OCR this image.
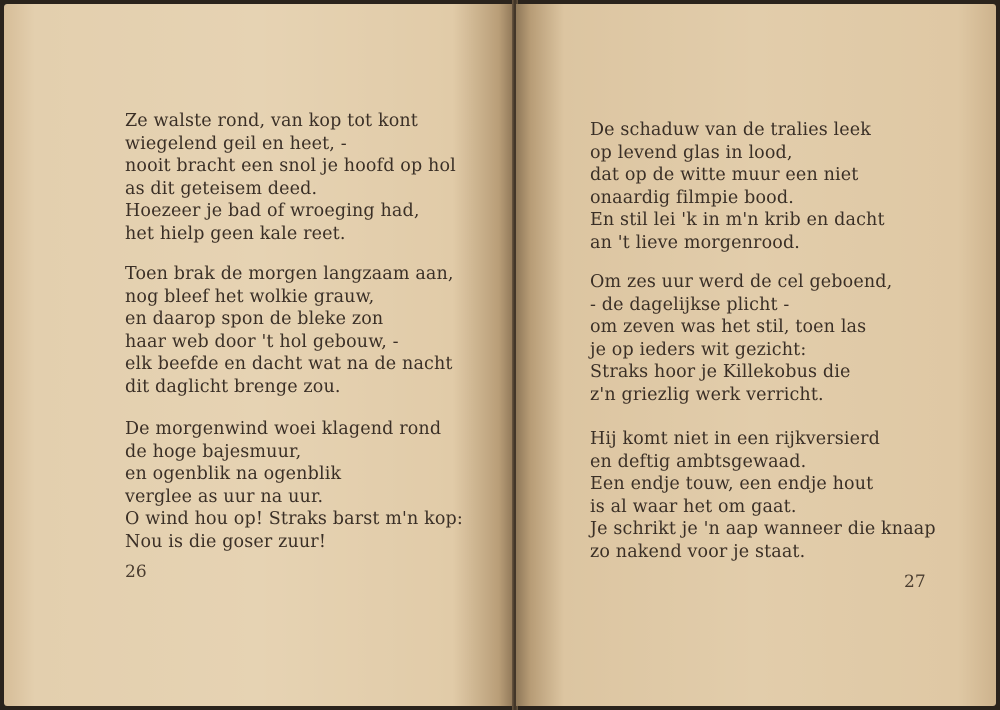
Ze walste rond, van kop tot kont
wiegelend geil en heet, -
nooit bracht een snol je hoofd op hol
as dit geteisem deed.
Hoezeer je bad of wroeging had,
het hielp geen kale reet.
Toen brak de morgen langzaam aan,
nog bleef het wolkie grauw,
en daarop spon de bleke zon
haar web door 't hol gebouw, -
elk beefde en dacht wat na de nacht
dit daglicht brenge zou.
De morgenwind woei klagend rond
de hoge bajesmuur,
en ogenblik na ogenblik
verglee as uur na uur.
O wind hou op! Straks barst m'n kop:
Nou is die goser zuur!
26
De schaduw van de tralies leek
op levend glas in lood,
dat op de witte muur een niet
onaardig filmpie bood.
En stil lei 'k in m'n krib en dacht
an 't lieve morgenrood.
Om zes uur werd de cel geboend,
- de dagelijkse plicht -
om zeven was het stil, toen las
je op ieders wit gezicht:
Straks hoor je Killekobus die
z'n griezlig werk verricht.
Hij komt niet in een rijkversierd
en deftig ambtsgewaad.
Een endje touw, een endje hout
is al waar het om gaat.
Je schrikt je 'n aap wanneer die knaap
zo nakend voor je staat.
27
